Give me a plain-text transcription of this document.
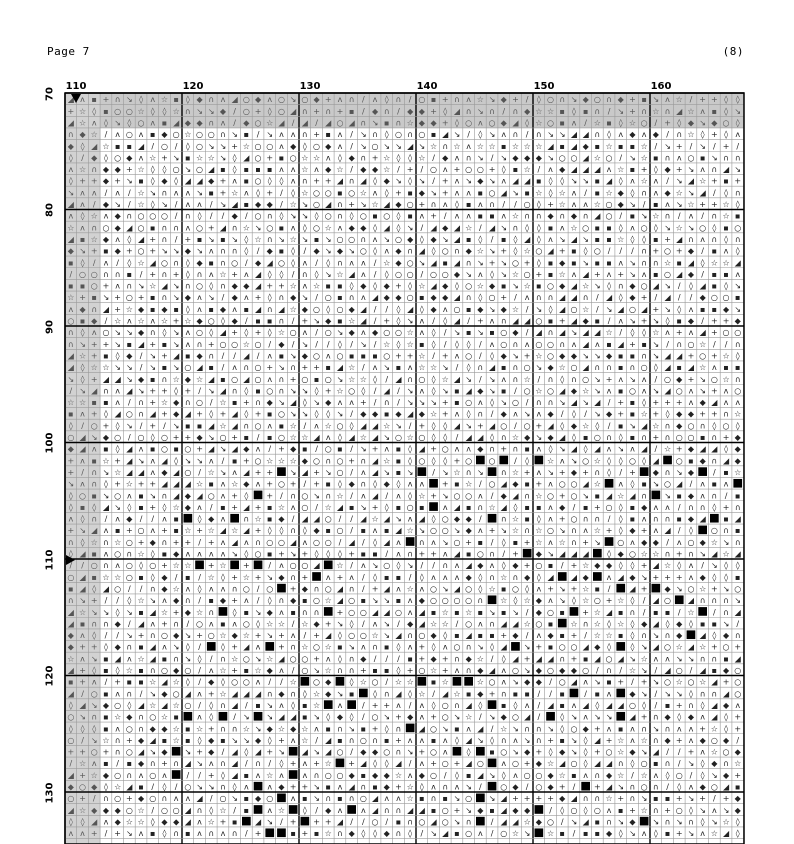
Page 7	(8)
110	120	130	140	150	160
70
80
90
100
110
120
130
◢ ʌ ▪ + ∩ ↘ ◊ ʌ ☆ ▪ ◊ ◆ ∩ ʌ ◢ ○ ◆ ʌ ○ ↘ ○ ◆ + ʌ ∩ / ʌ ◊ ∩ / ○ ▪ + ∩ ʌ ☆ ↘ ◆ + / ◊ ○ ∩ ↘ ◆ ○ ∩ ◆ + ▪ ↘ ʌ ☆ / + + ◊ ◊
+ ☆ ◊ ▪ ○ ○ ☆ ◊ ◊ ☆ ∩ ↘ ↘ ◆ / ○ + ◊ ○ ◢ ∩ + ∩ + ▪ / ◆ ∩ / ◆ ◆ + ◊ ◢ ∩ ↘ ∩ / ∩ ◆ ☆ ☆ ▪ ◊ ▪ ∩ / ↘ + ∩ ☆ ∩ ◢ ☆ ʌ ▪ ◊ ↘
◢ ☆ ʌ ◊ ↘ ◊ ○ ʌ ▪ ◢ ◆ ◆ ∩ ʌ / ◆ ○ ☆ ◢ / ◢ / ◢ ○ ◢ ∩ ↘ ▪ ∩ ☆ ◆ ◆ + ◊ ○ ʌ ○ ◆ ◢ ◊ ☆ ○ ▪ ʌ / ☆ ▪ ◊ ☆ ○ / + ◊ ◆ ↘ ◆ ○ ◊
∩ ◆ ☆ / ʌ ○ ʌ ▪ ◆ ○ ☆ ○ ○ ∩ ↘ ▪ / ↘ ʌ ʌ ∩ + ▪ ʌ / ↘ ∩ ◊ ○ ∩ ○ ▪ ◢ ↘ / ◊ ↘ ʌ ∩ / ∩ ↘ ↘ ◢ ◢ ∩ ◊ ʌ ◆ ʌ ◆ / ∩ ☆ ◊ + ◊ ʌ
◆ ◊ ◢ ☆ ▪ ▪ ◢ / ○ / ◊ ○ ↘ ↘ + ☆ ○ ○ ʌ ◆ ◊ ○ ◆ ʌ / ↘ ○ ↘ ↘ ◢ ↘ ☆ ∩ ☆ ʌ ☆ ☆ ▪ ☆ ☆ ☆ ◢ ▪ ◢ ◆ ▪ ☆ ▪ ▪ ☆ / ↘ + / ↘ / + /
◊ / ◆ ◊ ○ ◆ ʌ ☆ + ↘ ▪ ☆ ☆ ↘ ◊ ◢ ○ + ▪ ○ ☆ ☆ ʌ ◊ ◆ ∩ + ☆ ◊ ◊ ☆ / ◆ ʌ ∩ ↘ / ↘ ◆ ◆ ◆ ↘ ○ ○ ◢ ☆ ○ / ↘ ☆ ▪ ∩ ʌ ○ ▪ ↘ ∩ ∩
ʌ ☆ ∩ ◆ ◆ + ☆ ◊ ◊ ○ ↘ ○ ◢ ▪ ◊ ▪ ▪ ▪ ʌ ʌ ☆ ʌ ◆ ☆ / ◆ ◆ ☆ / + / ○ ʌ + ○ ○ + ◊ ▪ ☆ / ʌ ◆ ◢ ◢ ◢ ʌ ☆ ▪ + ◊ ◆ + ↘ ʌ ∩ ◢ ↘
◊ + + ◆ + ↘ ▪ ◊ ◆ ◊ ◢ ◢ ◆ + ʌ ▪ ○ ◊ ◊ ʌ ∩ + + ◢ ∩ ◢ ◊ ◆ ↘ ◊ ↘ / + ʌ ↘ ◆ ↘ ʌ ◢ ◢ ▪ ◊ ◊ ↘ ↘ ▪ ◢ ◊ ʌ ☆ ʌ / ↘ ◢ ☆ + ▪ +
↘ ʌ ʌ / ʌ / ☆ ↘ ∩ ʌ ʌ ↘ ▪ + ☆ ʌ ◊ + / ◊ ☆ ○ ○ ▪ ○ ☆ ʌ ◊ + ▪ ◆ ↘ + ʌ ʌ ▪ ○ ◢ ↘ ▪ ☆ ◊ ☆ ʌ / ▪ ☆ ◆ ◊ ∩ ʌ ◆ ☆ ↘ ◢ / ◊ ∩
◢ ʌ / ◆ ↘ / ☆ ◊ ↘ / ʌ ʌ / ↘ ◢ ▪ ◆ ◆ / ☆ ↘ ○ ◢ ∩ + ↘ ☆ ◢ ◆ ○ + ∩ ʌ ◊ ▪ ʌ ∩ / / ○ ◊ + ☆ ʌ ʌ ☆ ○ ◆ ↘ / ▪ ʌ ↘ ☆ + + ☆ ◊
ʌ ◊ ☆ ʌ ◆ ∩ ○ ○ ○ / ∩ ◊ / / ◆ / ○ ∩ ◊ ↘ ↘ ◊ ○ ∩ ◊ ○ ▪ ○ ◊ ▪ ʌ + / ʌ ʌ ▪ ▪ ʌ ☆ ∩ ∩ ◆ ∩ ◆ ∩ ◢ ○ / ▪ ↘ ☆ ∩ / ʌ / ∩ ☆ ▪
☆ ʌ ∩ ○ ◆ ◢ ○ ▪ ∩ ∩ ʌ ○ + ◢ ∩ ☆ ↘ ○ ▪ ʌ ◊ ○ ☆ ʌ ◆ ◆ ◊ ◢ ◊ ↘ / ◢ ◆ ◢ ☆ / ◢ ↘ ∩ ◊ ◊ ▪ ʌ ☆ ○ ▪ ▪ ◊ ʌ ○ ◊ ↘ ☆ ↘ ○ ◊ ▪ ○
◢ ▪ ☆ ◆ ʌ ◊ ◢ + ∩ / + ▪ ↘ ▪ ↘ ◊ ☆ ∩ ↘ ☆ ↘ ▪ ↘ ○ ○ ∩ ʌ ↘ ○ ◆ ◊ ◆ ↘ ◢ ▪ ◊ / ▪ ◊ ◢ ◊ ʌ ↘ ◢ ↘ ▪ ▪ ☆ ◊ ◊ ▪ + ◢ ∩ ʌ ∩ ◊ ∩
◆ ↘ + ▪ ◆ + ○ + ↘ ↘ ◆ ↘ ʌ ∩ ∩ ◊ / ◆ ▪ ◊ / ◆ ↘ ◆ ↘ ○ ◊ ʌ ◆ ∩ ◢ ◊ ○ ∩ ◆ ☆ ↘ + ◊ ☆ ○ ◢ + ▪ ◊ ○ / / / ∩ + ○ + ◆ / ▪ ʌ ◊
▪ ◊ / ʌ / ◊ ☆ ◢ ○ ∩ ◊ ◆ ▪ ∩ ○ / ◆ ◢ ○ ◊ ʌ / ◊ ∩ ʌ ʌ / ☆ ◆ ○ ↘ ◢ ▪ ◢ ∩ ↘ + ↘ ○ + ◊ ▪ ◆ ▪ ↘ ▪ ▪ ʌ ↘ ∩ ∩ ☆ ▪ ◢ ◊ ☆ ☆ ◢
/ ○ ○ ∩ ∩ ▪ / + ∩ + ◊ ∩ ʌ ☆ + ʌ ◢ ◊ ◊ / ∩ ◊ ↘ ☆ ◢ ʌ / ◊ ○ ○ / ○ ○ ◆ ↘ ʌ ◊ ↘ ☆ ○ + ▪ ☆ ʌ ◢ + ʌ + ↘ ʌ ▪ ○ ◢ ◆ / ▪ ▪ ʌ
▪ ▪ ○ + ʌ ∩ ↘ ☆ ◢ ↘ ∩ ○ ◊ ∩ ◆ ◆ ◢ + + ☆ ʌ ☆ ▪ ▪ ◊ ◆ ◊ ◆ + ◊ ☆ ◢ ◆ ◊ ○ ☆ ◆ ▪ ↘ ☆ ▪ ○ ◆ ◢ ☆ ↘ ◊ ∩ ◆ ○ ◢ ↘ / ◊ ◢ ▪ ◊ ↘
☆ + ▪ ↘ + ○ + ▪ ∩ ↘ ◆ ʌ ↘ / ◆ ʌ + ◊ ∩ ◆ ↘ / ○ ▪ ∩ ʌ ◢ ◆ ◆ ○ ▪ ◆ ◆ ◢ ∩ ◊ ○ + / ʌ ∩ ∩ ◢ ◢ ∩ / ◢ ◊ ◆ + / ◢ / / ◆ ○ ○ ▪
ʌ ◆ ∩ ◢ + ☆ ◆ ▪ ◆ ▪ ◊ ʌ ▪ ◆ ʌ ▪ ◢ ∩ ◢ ☆ ◆ ○ ◊ ○ ◆ ◢ / / ◊ ◢ ◊ ◆ ʌ ○ ▪ ◆ ↘ ◆ ☆ / ↘ ◊ ◢ ○ ☆ / ↘ ◢ ○ ◢ + ↘ ◊ ʌ ▪ ▪ ◆ ↘
○ ▪ ◆ / ☆ ʌ ☆ ʌ ☆ + ☆ ◆ ○ ◊ ◆ / ▪ ▪ ∩ / + ↘ ◆ ▪ ☆ ◢ / + ◊ ↘ ʌ / ◊ ◢ / + ʌ ∩ ◢ ◢ ○ ▪ + ◢ ◆ ▪ / ʌ ↘ + ↘ ◊ ▪ ◆ / + + ◆
∩ ◊ ʌ ○ ↘ ↘ ◆ ∩ ◊ ↘ ʌ ○ ◊ ◢ + ◊ + ◊ ☆ ○ ʌ / ○ ↘ ◆ ʌ ◆ ○ ○ ☆ ʌ ◊ / ↘ ▪ ↘ ▪ ○ ◆ / ◢ ∩ ◢ ↘ ◢ ◢ ☆ / ◊ ◊ ☆ ʌ + ʌ ◢ + ○ ○
∩ ↘ + + ↘ ▪ ◢ + ▪ ↘ ʌ ∩ + ○ ○ ☆ ○ / ◆ / ↘ / / ◊ / ↘ / ☆ ◊ ☆ ▪ ◊ / ◊ ◊ / ʌ ○ ∩ ʌ ○ ○ ∩ ʌ ◢ ʌ ▪ ◢ + ▪ ↘ / ∩ ○ ☆ / / ∩
◢ ☆ + ▪ ◊ ◆ / ↘ + ◢ ▪ ◆ ∩ / / ◢ / ʌ ▪ ↘ ◆ ○ ʌ ○ ▪ ▪ ▪ ○ + + ☆ / + ʌ ○ / ◊ ◆ ↘ + ☆ ○ ◆ ◆ ↘ ↘ ◆ ▪ ▪ ∩ ↘ ◢ ◢ + ○ + ☆ ◊
◢ ◊ ☆ ☆ ↘ ↘ / ↘ ▪ ↘ ○ ◢ ▪ / ʌ ∩ ○ + ↘ ∩ + + ▪ ◢ ☆ / ʌ ↘ ▪ ʌ ☆ ☆ ↘ / ◊ ∩ ◢ ▪ ∩ ○ ↘ ◆ ☆ ○ ◢ ∩ ∩ ▪ ∩ ○ ◊ ◢ ▪ ◢ ☆ ʌ ▪ ▪
↘ ◊ + ◢ ◢ ↘ ◆ ▪ ∩ ☆ ◆ ☆ ◢ ▪ ○ ◢ ○ ʌ ∩ + ○ ▪ ○ ↘ ☆ ☆ ◊ / ◢ ∩ ○ ◊ ☆ ◢ ↘ / ↘ ʌ ∩ ☆ / ∩ ◊ ∩ ○ ↘ + ʌ ↘ ʌ / ○ ◆ + ↘ ○ ☆ ∩
/ ↘ ◢ ∩ ʌ ◢ ↘ + + ◊ + / ↘ ◢ ∩ ◊ ▪ ○ ∩ ↘ ↘ ◊ + ☆ ○ ◊ / ◢ / ↘ ʌ ◊ ↘ ▪ ◢ ◆ ↘ ▪ / ○ ☆ ○ ◢ ◆ ☆ ↘ ʌ ▪ ○ ʌ ↘ ◢ ○ ʌ ↘ + ʌ ○
☆ ☆ ▪ ▪ ʌ / ∩ + ☆ ◆ ∩ ○ / ☆ ▪ + ∩ ◆ ↘ ◢ ◊ ↘ ◆ ʌ ʌ + / ∩ / ↘ ↘ ↘ + ▪ ○ ʌ ◊ ↘ ○ / ∩ ∩ ↘ ◢ ↘ ◢ / + ▪ ◊ + + + ʌ ◆ ◢ ʌ ʌ
▪ ʌ + ◊ ◢ ○ ∩ ◢ + ◆ ◢ + ◊ + ◢ ◊ + ▪ ○ ↘ ↘ ◊ ◊ ↘ / ◆ ◆ ▪ ◆ ◢ ◆ ☆ + ʌ ◊ ∩ / ◆ ʌ ↘ ʌ ◆ / ◊ / ↘ ◆ + ▪ ☆ + ◊ ◆ ◆ + + ∩ ☆
◊ / ○ + ◊ ↘ / + / ↘ ▪ ▪ ◢ ☆ ◢ ∩ ○ ʌ ▪ ☆ / ʌ ☆ ○ ◊ ◢ ◢ ☆ ↘ / + ◊ ◊ ◢ ↘ + ◢ ○ / ○ + ◢ ◊ ◆ ☆ ◊ / ▪ ↘ ◢ ☆ ∩ ◆ ○ ∩ ◊ ○ ◊
○ ◢ ↘ ◆ ○ / ○ ◊ ○ + + ◆ ↘ ○ + ▪ / ▪ ○ ☆ ☆ ◢ ʌ ◊ ◢ ☆ ◢ ↘ ○ ☆ ○ ◊ ◊ / ◢ ◢ ◊ ∩ ☆ ◆ ↘ ◆ ◢ ◊ ▪ ○ ∩ ◊ ▪ ∩ + ∩ ○ ○ ▪ ∩ + ◆
◆ ◢ ʌ ▪ ◊ ◢ ʌ ▪ ○ ▪ ○ + ◢ ↘ ◢ ◆ ʌ / + ◆ ▪ / ○ ▪ / ↘ + ʌ ▪ ◊ ◢ + ○ ʌ ʌ ◆ ∩ + ∩ ▪ ʌ ◊ ↘ ◢ ◊ ◢ ʌ ↘ ʌ ◢ / ☆ + ◆ ◢ ◢ ◊ ◆
+ ʌ ▪ ☆ + ◢ ↘ ʌ ◢ ◊ ↘ ↘ ʌ / ▪ + ○ ☆ ☆ ☆ ◆ ○ ∩ ○ + ∩ ◢ ☆ ▪ ◊ ○ ◊ ◊ + ○ ○ / ◊ ☆ ʌ ↘ ○ ☆ ◊ ◊ ○ ◊ ◢ ○ ▪ ◆ ∩ ◢ ◆
+ / ∩ ↘ ☆ ◢ ◢ ʌ ◆ ◢ ○ / ☆ ↘ ʌ ◢ + + ↘ ◢ + ↘ ○ / ʌ ◢ ↘ ▪ ↘ / ↘ ☆ ∩ ↘ ∩ ☆ + ʌ ↘ + ◆ + ∩ ◊ / + ◆ ∩ ↘ ◆ / ▪ ☆
↘ ʌ ∩ ◊ + ☆ + + ◢ ◢ ◢ ☆ ▪ ʌ ☆ ◆ ʌ + ○ + / + ▪ ◊ ◆ ∩ ◊ ◆ ◊ ʌ ʌ + ▪ ☆ / ○ ◢ ◆ ▪ + ʌ ○ ○ ◢ ☆ ʌ ◊ ▪ ↘ ○ ◢ / ʌ ▪ ʌ
◊ ○ ▪ ↘ ○ ʌ ▪ ↘ ∩ ◢ ◆ ◢ ○ ʌ + ◊ + / ∩ ○ ↘ ∩ ☆ / ʌ ◢ / ʌ ◊ ☆ + ↘ ○ ○ ʌ / ◆ ◢ ∩ ☆ ○ + ○ ↘ ▪ ◢ ☆ ◢ ∩ ↘ ▪ ◆ ʌ ∩ / ▪
◊ ▪ ◊ ◢ ↘ ◊ ▪ + ◊ ☆ ◆ ʌ / ▪ + ◢ + ▪ ☆ ʌ ○ / ☆ ◢ ▪ ↘ + ◊ ▪ ○ ▪ ʌ ◢ ▪ ∩ ☆ ◢ ◊ ▪ ▪ ʌ ◆ / ▪ + ○ ◊ ▪ ◆ ʌ ʌ / ∩ ∩ ◊ + ∩
ʌ ◊ ∩ / ʌ ◆ / / ʌ ▪ ◊ ◆ ʌ ∩ ☆ ▪ ◆ / ◢ ◢ ○ / / ◢ ☆ ◢ ↘ ʌ ◢ ◊ ○ ◆ ◆ / ∩ ☆ ▪ ◊ ʌ + ○ ∩ ∩ / ◊ ▪ ʌ ∩ ∩ ▪ ◆ ◢ ▪ ◢
+ ↘ ◢ ʌ ▪ + ○ ʌ + ▪ ☆ + ☆ ◢ ☆ ◢ + ◊ ◊ ∩ ◊ ◆ ▪ ○ / ▪ ʌ ▪ ◢ ☆ ↘ ○ ○ ↘ ◆ ʌ + ↘ ☆ ∩ ☆ ○ ↘ ∩ ʌ ☆ + ◊ ◆ + ʌ ◢ / ◊ ○ ∩ ▪
∩ ◊ ☆ ∩ ☆ ○ + ◆ ∩ + + / + ʌ ◢ ʌ ∩ ○ ○ ◢ ʌ ○ ○ / ◢ / ◊ ◢ ʌ ∩ ʌ ↘ ○ + ▪ / ◊ ▪ + ☆ ʌ ☆ ∩ + ↘ ○ ʌ ◆ ◆ / ʌ ○ ◆ ☆ ↘ ∩
◊ ◢ ▪ ʌ ○ ∩ ☆ ◊ ▪ ◆ ʌ ʌ ʌ ʌ ↘ ◊ ○ ▪ + ↘ + ◊ ◊ ◊ + ▪ ▪ / ʌ ∩ + + ʌ ◢ ▪ ○ ∩ / + ◆ ↘ ◢ ◢ ◢ ◊ ◆ ○ ☆ ☆ ∩ + ∩ ↘ ◢ ☆ ◢
/ / ○ ∩ ʌ ○ ◊ ○ + ☆ ☆ + ☆ + / ʌ ○ ○ ◢ ☆ / ʌ ↘ ○ ◊ ↘ / / ∩ ʌ ◢ ◆ ʌ ◊ ◆ + ○ ▪ / + ☆ ◆ ◆ ◊ ◊ + ◢ ☆ ◊ ʌ / ↘ ◊ ◊
○ ◢ ▪ ☆ ☆ ○ ▪ ◊ ◆ / ▪ / ☆ ◊ + ☆ + ↘ ◆ ∩ + ʌ + ʌ / ◊ ▪ ▪ / ◊ ʌ ʌ ʌ ◆ ◊ ∩ ☆ ∩ ◆ ◊ ◢ ◢ ◆ ʌ ◢ ◆ ↘ + + + ʌ ◆ ◊ ◊ ▪
▪ ◢ ◊ ◢ ○ / / ∩ ◆ ☆ ʌ ◊ ʌ ʌ ∩ ○ / ○ + ◆ ∩ ○ ◢ ∩ / + ◢ ʌ ☆ ʌ ○ ↘ ◢ ○ ◊ ☆ ▪ ○ ◊ ʌ + ↘ + ☆ ▪ / ◢ + ◆ ↘ ○ ☆ + ↘ ○
∩ ↘ + / / ◊ ☆ ↘ ʌ ◆ ∩ / ▪ ◆ + ʌ / ◊ ∩ ◆ ▪ ○ ☆ ◢ ○ ▪ ↘ ↘ ▪ ʌ ◆ ○ ○ ○ ○ ∩ ☆ ◊ ☆ ◆ ʌ ↘ ◊ ☆ ○ + ☆ ◊ / ◢ ○ ◢ ∩ ∩ ∩ ↘
◢ ☆ ↘ ↘ ◊ ↘ ▪ ◢ ☆ + ◆ ☆ ∩ ◊ ▪ ↘ ◆ ʌ ▪ ∩ ∩ + ○ ○ ◢ ◢ ○ ʌ ◢ ▪ ☆ ▪ ☆ ▪ ↘ ▪ ↘ / ◆ ○ ▪ + ☆ ◢ ▪ ∩ / ▪ ▪ / ☆ / ∩ ◢
◢ ▪ ∩ ∩ ◆ / ◢ ʌ + ∩ / ○ ʌ ▪ ʌ ○ ◊ ☆ ☆ / ☆ ◆ + ↘ ◊ / ʌ ↘ / ◆ ◢ ☆ ☆ / ○ ʌ ∩ ◢ ◢ ☆ ○ ▪ ☆ ∩ ☆ ◊ ☆ ◊ ◆ ◢ ◊ ◆ ◊ ▪ ▪ ↘ /
◆ ʌ ◊ / / ↘ + ∩ ○ ◆ ↘ + ○ ☆ ◆ ☆ + ↘ + ʌ / + ◢ ◊ ○ ○ ☆ ↘ ◢ ∩ ○ ◆ ◊ ▪ ◢ ▪ ▪ + ◆ / ʌ ◆ ▪ + / ☆ ☆ ▪ ◊ ∩ ↘ ∩ ◆ ◢ ◊ ◆ ∩
◆ + + ◊ ◆ ∩ ▪ ◢ ʌ ↘ ◊ /	◊ + ◢ ʌ + ∩ ☆ ○ ☆ ▪ ↘ ʌ ∩ ▪ ◊ ʌ + ◊ ʌ ○ ∩ ↘ ◊ ◢ ↘ + ▪ ○ ○ ◢ ◆ ◊ ◊ ↘ ◢ ○ ☆ ◢ ☆ + ○ +
☆ ʌ ↘ ▪ ◢ ʌ ☆ ◢ ▪ ∩ ↘ ◊ / ∩ ☆ ○ ↘ ☆ ◢ ○ ○ + ʌ ◊ ∩ ◆ / / / ▪ + ◆ + ∩ ◆ ☆ / ◊ ◢ + ◢ ◢ ∩ + ▪ ◢ ○ ◢ ↘ ☆ ʌ ʌ ↘ ↘ ∩ ∩ ▪ ◢
◢ + ◊ ▪ ◊ ☆ ▪ ∩ ○ ◆ ○ / ʌ ☆ + ▪ ☆ ◆ ʌ / ○ ↘ ☆ ∩ ∩ + ▪ ▪ ◊ + ○ ☆ + ʌ ∩ ◆ ◢ ʌ ○ ↘ ◆ ○ ◆ ◆ ○ / ∩ / ☆ ↘ / ◢ ○ / ◢ ▪ ◆ ○
▪ + ʌ / + ▪ ▪ ☆ ◢ ☆ ◊ / ◆ ◊ ○ ○ ʌ / / ☆ ○ ◆ ◊ ☆ ○ / ☆ ☆ ▪ ☆	☆ ○ ʌ ↘ ◆ ◆ / ○ ◢ ʌ ↘ ▪ + / + ↘ ○ ☆ ○ ☆ ◢ + ○
◢ / ○ ▪ ʌ ∩ / ↘ ◆ ○ ◢ ʌ + ☆ ◢ ◢ ◢ ∩ ◆ ∩ ◊ ☆ ◆ ↘ ▪ ◊ ∩ ◢ ◊ ☆ / ◢ ☆ ▪ ◆ + ∩ ▪ ▪ / / ▪ / ▪ ʌ ◆ ↘ / ↘ ↘ ◊ ∩ ∩ ◢ ○
◊ ◢ ↘ ◆ ○ ◊ ◢ ☆ ◢ ☆ ○ / ◊ ∩ ◢ / ▪ ↘ ʌ ◊ ▪ ☆ ʌ / + + ʌ / ʌ ◊ ○ ∩ ◢ ◊ ▪ ◊ ʌ / ◢ ▪ ʌ ◢ ◊ ◢ ◢ ○ ◊ / ▪ + ∩ ◊ ◢ ◆ ʌ
○ ↘ ∩ ▪ ☆ ◆ ∩ ○ ☆ ▪ ʌ ◊	/ ↘ ↘ ◢ ◢ ▪ ↘ ◊ ◆ ◊ / ○ ↘ + ◆ ʌ + ○ ↘ ☆ / ↘ ◆ ○ ◢ /	◊ ↘ ʌ ↘ ↘ ◢ + ∩ ◆ ◊ ◆ ʌ ◢ ◊ +
◊ ◊ ◊ ▪ ʌ ○ ∩ ◆ ◆ ☆ ▪ ☆ + ∩ ∩ ☆ ↘ ◆ ☆ ◆ ☆ ʌ ▪ ∩ ↘ ▪ + ◊ ∩ ◢ ○ ↘ ▪ ʌ ◢ / ☆ ↘ ∩ ∩ ↘ ◊ ○ ◆ + ʌ ▪ ʌ ∩ ↘ ∩ ʌ ʌ + ☆ ◊ +
○ / ↘ ☆ ∩ + ◆ ◢ ▪ ☆ ▪ ◊ ◆ ▪ ↘ ↘ ◆ ◊ + ʌ ☆ / ◢ ▪ ∩ ○ ∩ ▪ + ʌ ʌ ▪ ʌ ◊ ◢ ↘ ◊ ∩ ʌ ↘ ∩ + ▪ ↘ ◊ ◢ + ☆ ʌ ☆ ∩ ◆ + ʌ ◆ ○ ◆ /
+ + ○ + ∩ ○ ◢ ↘ ◆ ↘ + ◆ / ◢ ◊ ◢ + ↘ ◢ ↘ ◢ ○ / ◆ ◆ ○ ∩ ↘ + ○ ʌ ◊ ▪ ○ ↘ ◆ + ◊ ◆ ↘ ◊ + ○ ☆ ◆ ↘ ◢ / / + ʌ ☆ ○ ◆
/ ☆ ʌ ▪ / ▪ ◆ ∩ + ∩ ◢ ↘ ʌ ∩ ◢ / ∩ / ◊ + ʌ + ☆ + ◢ ◊ ◊ ◢ / ʌ + ○ + ◢ ○ ʌ ○ + ◆ ☆ ◢ ○ ◊ ◢ ◢ ∩ ◊ ○ ▪ ∩ / ↘ ◊ ◆ ∩ ☆
◢ + ☆ ◆ ○ ∩ ʌ ○ ʌ / / + ◊ ◢ ▪ ʌ ☆ ʌ ʌ ∩ ○ ○ ◆ ▪ ◆ ◆ ☆ ʌ ◆ ○ / ◊ ▪ ◢ ↘ ◊ ʌ ○ ○ ◆ ☆ ▪ ʌ ∩ ◆ ☆ / ☆ ʌ ◊ ○ / ◊ ↘ ◆ +
◆ ○ ◆ ◊ ☆ ◢ ▪ / ◊ / ○ ↘ ↘ ∩ ◊ ʌ ʌ ◆ + + ↘ ▪ ʌ ◢ ∩ ▪ ◆ + ☆ ◊ ʌ ∩ ʌ ↘ / ○ ◆ / ○ ◆ + / + ◢ ↘ ∩ ○ ∩ / ◊ ʌ ◆ ○ ◢ ▪
○ + / ∩ ○ + ◆ ○ ∩ ʌ ʌ ◢ / ○ ↘ ▪ ◆ ○ ʌ ▪ ↘ ∩ ▪ ∩ ○ ◢ ʌ ʌ ☆ ▪ ∩ ▪ ↘ ○ ↘ ◢ + + + + ◆ ◢ ∩ ∩ ☆ + ∩ ↘ ▪ ▪ + ↘ + / + ◆
◢ ☆ ◆ ◆ ◆ ○ ☆ / ○ ○ ◢ ∩ ◊ ☆ / ▪ ʌ ☆ ◊ / ◆ ʌ ʌ ◢ ∩ ∩ ◢ ◢ ▪ ○ + ↘ ◆ ▪ ◢ ◆ ◆ / ◊ ○ ◊ ○ ʌ ▪ + ☆ ∩ + ○ ◊ ↘ ʌ ↘ ◆
◊ ◊ ◢ ʌ ◆ ☆ ☆ ◊ ◆ ◆ ◢ ʌ ☆ + ▪ ◢ ↘ / + + + ◢ / / ○ / ▪ ∩ ○ ◢ ○ ↘ ∩ / ◢ ◢ ☆ ◆ ○ / ↘ ◢ ▪ ∩ ↘ ◆ ↘ ∩ ↘ ∩ ◊ ↘ ☆ ◊
ʌ ʌ + / + ↘ ʌ ▪ ◊ ∩ ▪ ʌ ∩ ʌ ∩ / +	▪ + ▪ ☆ ∩ ◆ ◊ ◊ ◆ ∩ ◊ / ↘ ◢ ▪ ○ ʌ / ○ ☆ ↘ ☆ ▪ / ▪ ▪ ◆ ◊ ↘ ʌ ◊ ▪ + ↘ ʌ ☆ ◢ ◊
